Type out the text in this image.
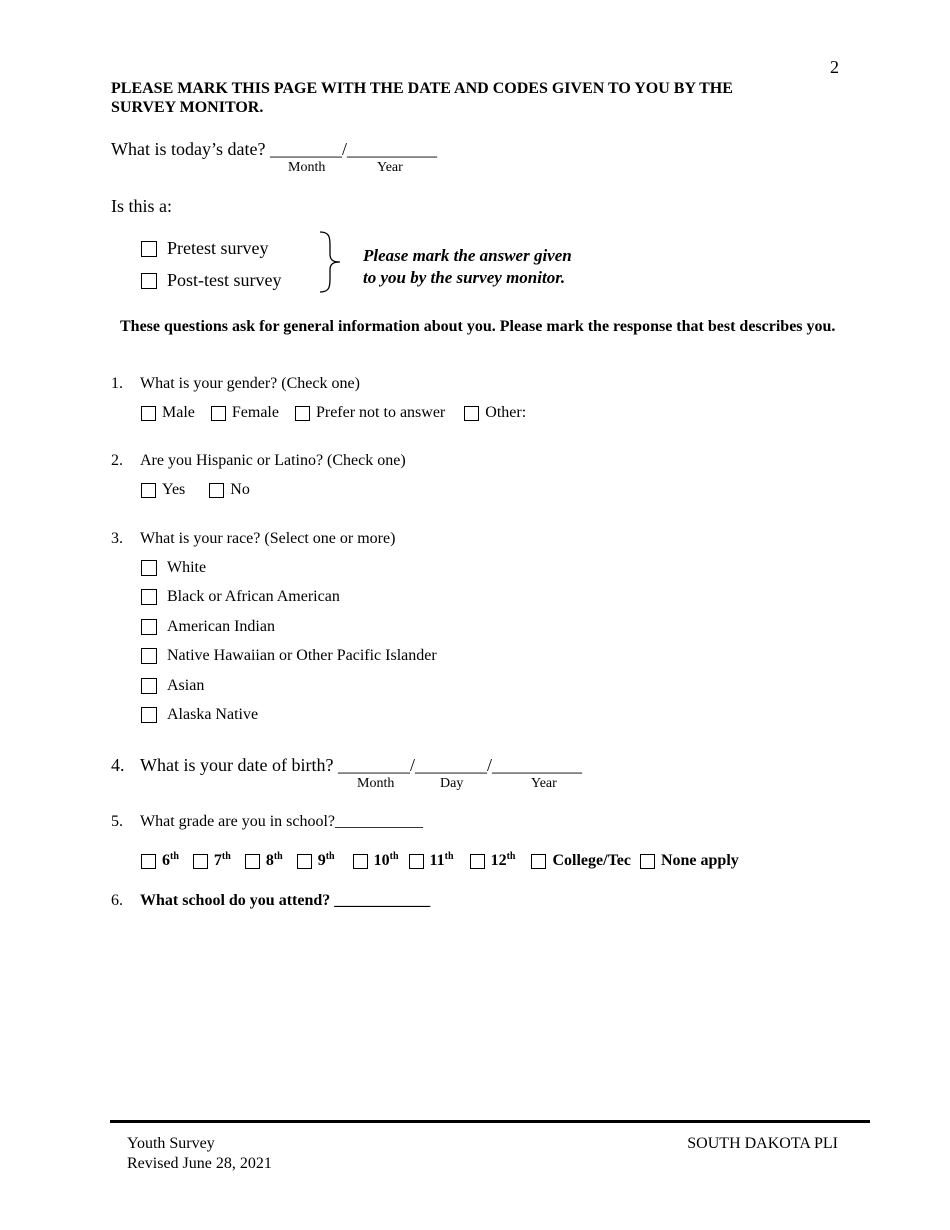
2
PLEASE MARK THIS PAGE WITH THE DATE AND CODES GIVEN TO YOU BY THE
SURVEY MONITOR.
What is today’s date? ________/__________
Month	Year
Is this a:
Pretest survey
Post-test survey
Please mark the answer given
to you by the survey monitor.
These questions ask for general information about you. Please mark the response that best describes you.
1. What is your gender? (Check one)
Male Female Prefer not to answer	Other:
2. Are you Hispanic or Latino? (Check one)
Yes	No
3. What is your race? (Select one or more)
White
Black or African American
American Indian
Native Hawaiian or Other Pacific Islander
Asian
Alaska Native
4. What is your date of birth? ________/________/__________
Month	Day	Year
5. What grade are you in school?___________
6th 7th 8th 9th 10th 11th 12th College/Tec None apply
6. What school do you attend? ____________
Youth Survey
Revised June 28, 2021
SOUTH DAKOTA PLI
